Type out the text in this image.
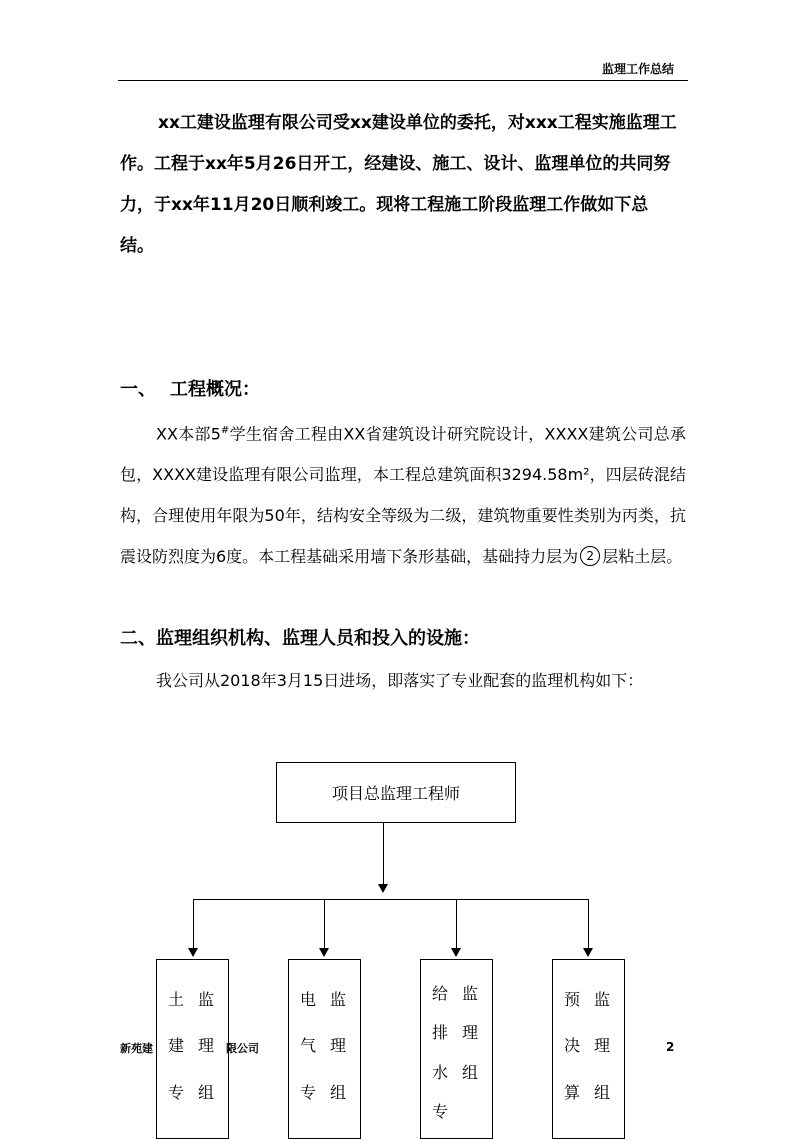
监理工作总结

xx工建设监理有限公司受xx建设单位的委托，对xxx工程实施监理工作。工程于xx年5月26日开工，经建设、施工、设计、监理单位的共同努力，于xx年11月20日顺利竣工。现将工程施工阶段监理工作做如下总结。

一、 工程概况：

XX本部5#学生宿舍工程由XX省建筑设计研究院设计，XXXX建筑公司总承包，XXXX建设监理有限公司监理，本工程总建筑面积3294.58m²，四层砖混结构，合理使用年限为50年，结构安全等级为二级，建筑物重要性类别为丙类，抗震设防烈度为6度。本工程基础采用墙下条形基础，基础持力层为 2 层粘土层。

二、监理组织机构、监理人员和投入的设施：

我公司从2018年3月15日进场，即落实了专业配套的监理机构如下：

项目总监理工程师
土
建
专
监
理
组
电
气
专
监
理
组
给
排
水
专
监
理
组
预
决
算
监
理
组
新苑建	限公司	2
